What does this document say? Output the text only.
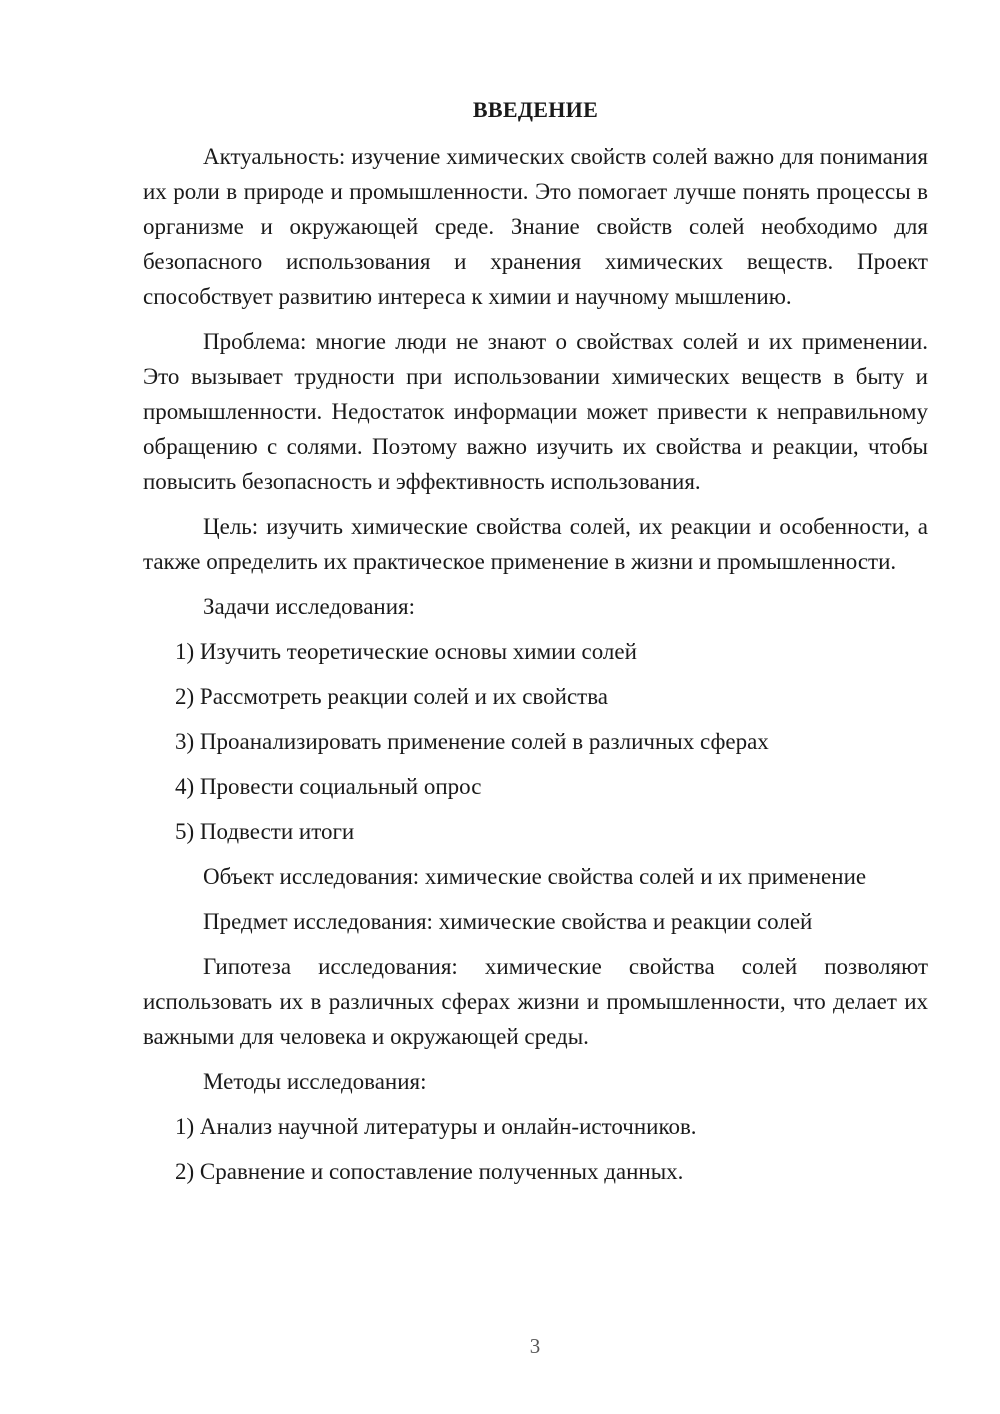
ВВЕДЕНИЕ

Актуальность: изучение химических свойств солей важно для понимания их роли в природе и промышленности. Это помогает лучше понять процессы в организме и окружающей среде. Знание свойств солей необходимо для безопасного использования и хранения химических веществ. Проект способствует развитию интереса к химии и научному мышлению.

Проблема: многие люди не знают о свойствах солей и их применении. Это вызывает трудности при использовании химических веществ в быту и промышленности. Недостаток информации может привести к неправильному обращению с солями. Поэтому важно изучить их свойства и реакции, чтобы повысить безопасность и эффективность использования.

Цель: изучить химические свойства солей, их реакции и особенности, а также определить их практическое применение в жизни и промышленности.

Задачи исследования:

1) Изучить теоретические основы химии солей
2) Рассмотреть реакции солей и их свойства
3) Проанализировать применение солей в различных сферах
4) Провести социальный опрос
5) Подвести итоги

Объект исследования: химические свойства солей и их применение

Предмет исследования: химические свойства и реакции солей

Гипотеза исследования: химические свойства солей позволяют использовать их в различных сферах жизни и промышленности, что делает их важными для человека и окружающей среды.

Методы исследования:

1) Анализ научной литературы и онлайн-источников.
2) Сравнение и сопоставление полученных данных.
3
